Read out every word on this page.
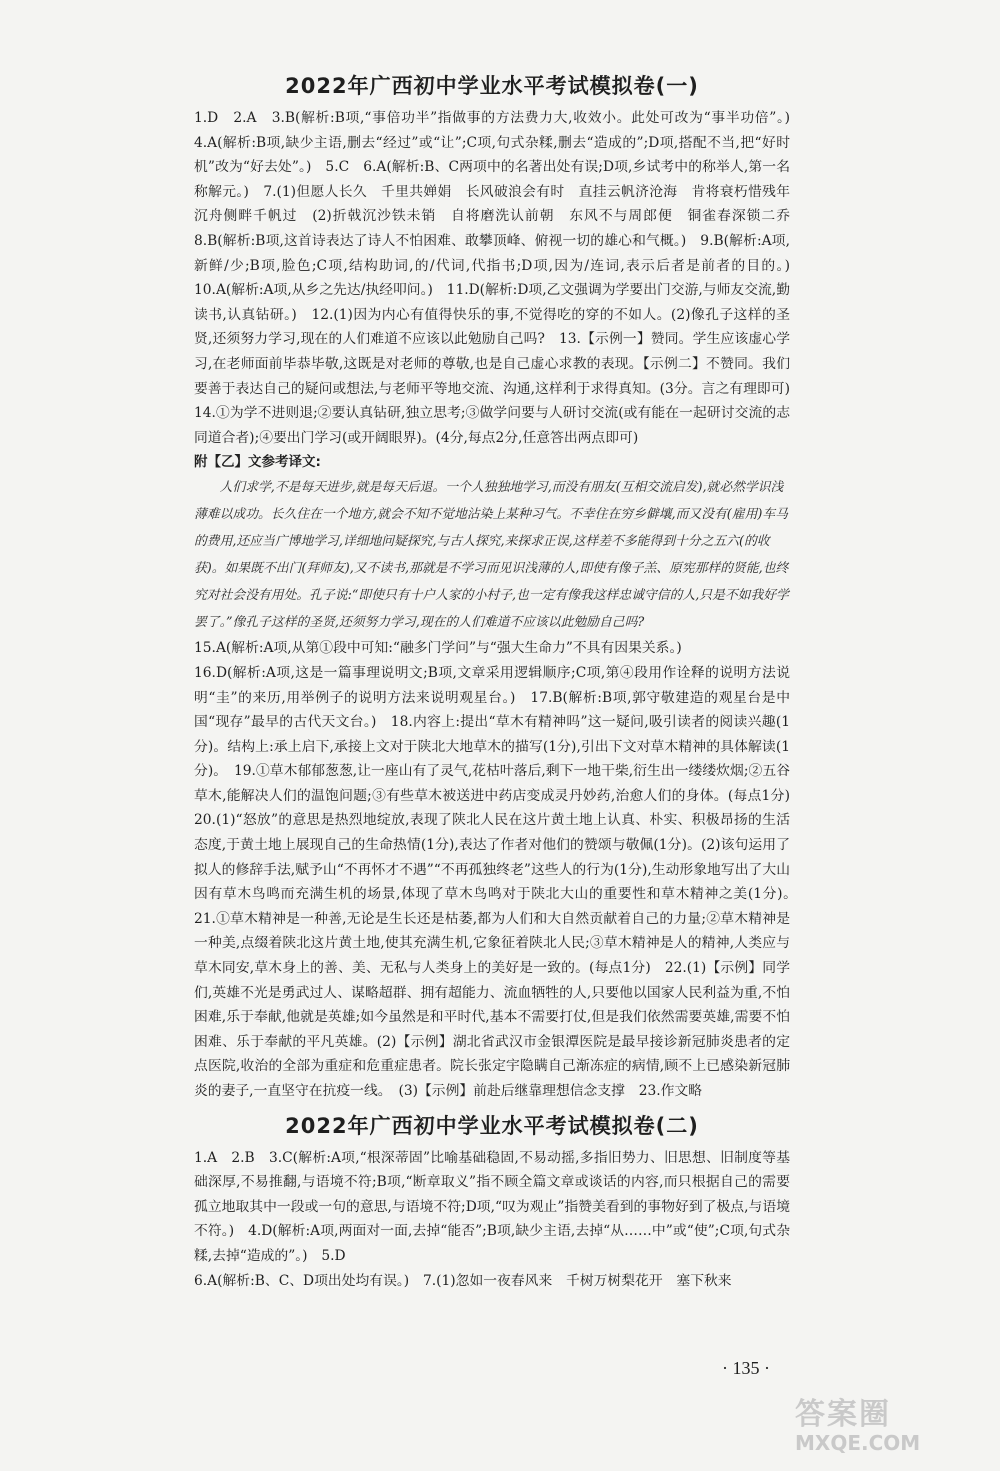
2022年广西初中学业水平考试模拟卷(一)

1.D　2.A　3.B(解析:B项,“事倍功半”指做事的方法费力大,收效小。此处可改为“事半功倍”。)　4.A(解析:B项,缺少主语,删去“经过”或“让”;C项,句式杂糅,删去“造成的”;D项,搭配不当,把“好时机”改为“好去处”。)　5.C　6.A(解析:B、C两项中的名著出处有误;D项,乡试考中的称举人,第一名称解元。)　7.(1)但愿人长久　千里共婵娟　长风破浪会有时　直挂云帆济沧海　肯将衰朽惜残年　沉舟侧畔千帆过　(2)折戟沉沙铁未销　自将磨洗认前朝　东风不与周郎便　铜雀春深锁二乔　8.B(解析:B项,这首诗表达了诗人不怕困难、敢攀顶峰、俯视一切的雄心和气概。)　9.B(解析:A项,新鲜/少;B项,脸色;C项,结构助词,的/代词,代指书;D项,因为/连词,表示后者是前者的目的。)　10.A(解析:A项,从乡之先达/执经叩问。)　11.D(解析:D项,乙文强调为学要出门交游,与师友交流,勤读书,认真钻研。)　12.(1)因为内心有值得快乐的事,不觉得吃的穿的不如人。(2)像孔子这样的圣贤,还须努力学习,现在的人们难道不应该以此勉励自己吗?　13.【示例一】赞同。学生应该虚心学习,在老师面前毕恭毕敬,这既是对老师的尊敬,也是自己虚心求教的表现。【示例二】不赞同。我们要善于表达自己的疑问或想法,与老师平等地交流、沟通,这样利于求得真知。(3分。言之有理即可)　14.①为学不进则退;②要认真钻研,独立思考;③做学问要与人研讨交流(或有能在一起研讨交流的志同道合者);④要出门学习(或开阔眼界)。(4分,每点2分,任意答出两点即可)

附【乙】文参考译文:

人们求学,不是每天进步,就是每天后退。一个人独独地学习,而没有朋友(互相交流启发),就必然学识浅薄难以成功。长久住在一个地方,就会不知不觉地沾染上某种习气。不幸住在穷乡僻壤,而又没有(雇用)车马的费用,还应当广博地学习,详细地问疑探究,与古人探究,来探求正误,这样差不多能得到十分之五六(的收获)。如果既不出门(拜师友),又不读书,那就是不学习而见识浅薄的人,即使有像子羔、原宪那样的贤能,也终究对社会没有用处。孔子说:“即使只有十户人家的小村子,也一定有像我这样忠诚守信的人,只是不如我好学罢了。”像孔子这样的圣贤,还须努力学习,现在的人们难道不应该以此勉励自己吗?

15.A(解析:A项,从第①段中可知:“融多门学问”与“强大生命力”不具有因果关系。)

16.D(解析:A项,这是一篇事理说明文;B项,文章采用逻辑顺序;C项,第④段用作诠释的说明方法说明“圭”的来历,用举例子的说明方法来说明观星台。)　17.B(解析:B项,郭守敬建造的观星台是中国“现存”最早的古代天文台。)　18.内容上:提出“草木有精神吗”这一疑问,吸引读者的阅读兴趣(1分)。结构上:承上启下,承接上文对于陕北大地草木的描写(1分),引出下文对草木精神的具体解读(1分)。　19.①草木郁郁葱葱,让一座山有了灵气,花枯叶落后,剩下一地干柴,衍生出一缕缕炊烟;②五谷草木,能解决人们的温饱问题;③有些草木被送进中药店变成灵丹妙药,治愈人们的身体。(每点1分)　20.(1)“怒放”的意思是热烈地绽放,表现了陕北人民在这片黄土地上认真、朴实、积极昂扬的生活态度,于黄土地上展现自己的生命热情(1分),表达了作者对他们的赞颂与敬佩(1分)。(2)该句运用了拟人的修辞手法,赋予山“不再怀才不遇”“不再孤独终老”这些人的行为(1分),生动形象地写出了大山因有草木鸟鸣而充满生机的场景,体现了草木鸟鸣对于陕北大山的重要性和草木精神之美(1分)。　21.①草木精神是一种善,无论是生长还是枯萎,都为人们和大自然贡献着自己的力量;②草木精神是一种美,点缀着陕北这片黄土地,使其充满生机,它象征着陕北人民;③草木精神是人的精神,人类应与草木同安,草木身上的善、美、无私与人类身上的美好是一致的。(每点1分)　22.(1)【示例】同学们,英雄不光是勇武过人、谋略超群、拥有超能力、流血牺牲的人,只要他以国家人民利益为重,不怕困难,乐于奉献,他就是英雄;如今虽然是和平时代,基本不需要打仗,但是我们依然需要英雄,需要不怕困难、乐于奉献的平凡英雄。(2)【示例】湖北省武汉市金银潭医院是最早接诊新冠肺炎患者的定点医院,收治的全部为重症和危重症患者。院长张定宇隐瞒自己渐冻症的病情,顾不上已感染新冠肺炎的妻子,一直坚守在抗疫一线。　(3)【示例】前赴后继靠理想信念支撑　23.作文略

2022年广西初中学业水平考试模拟卷(二)

1.A　2.B　3.C(解析:A项,“根深蒂固”比喻基础稳固,不易动摇,多指旧势力、旧思想、旧制度等基础深厚,不易推翻,与语境不符;B项,“断章取义”指不顾全篇文章或谈话的内容,而只根据自己的需要孤立地取其中一段或一句的意思,与语境不符;D项,“叹为观止”指赞美看到的事物好到了极点,与语境不符。)　4.D(解析:A项,两面对一面,去掉“能否”;B项,缺少主语,去掉“从……中”或“使”;C项,句式杂糅,去掉“造成的”。)　5.D

6.A(解析:B、C、D项出处均有误。)　7.(1)忽如一夜春风来　千树万树梨花开　塞下秋来

· 135 ·
答案圈
MXQE.COM
